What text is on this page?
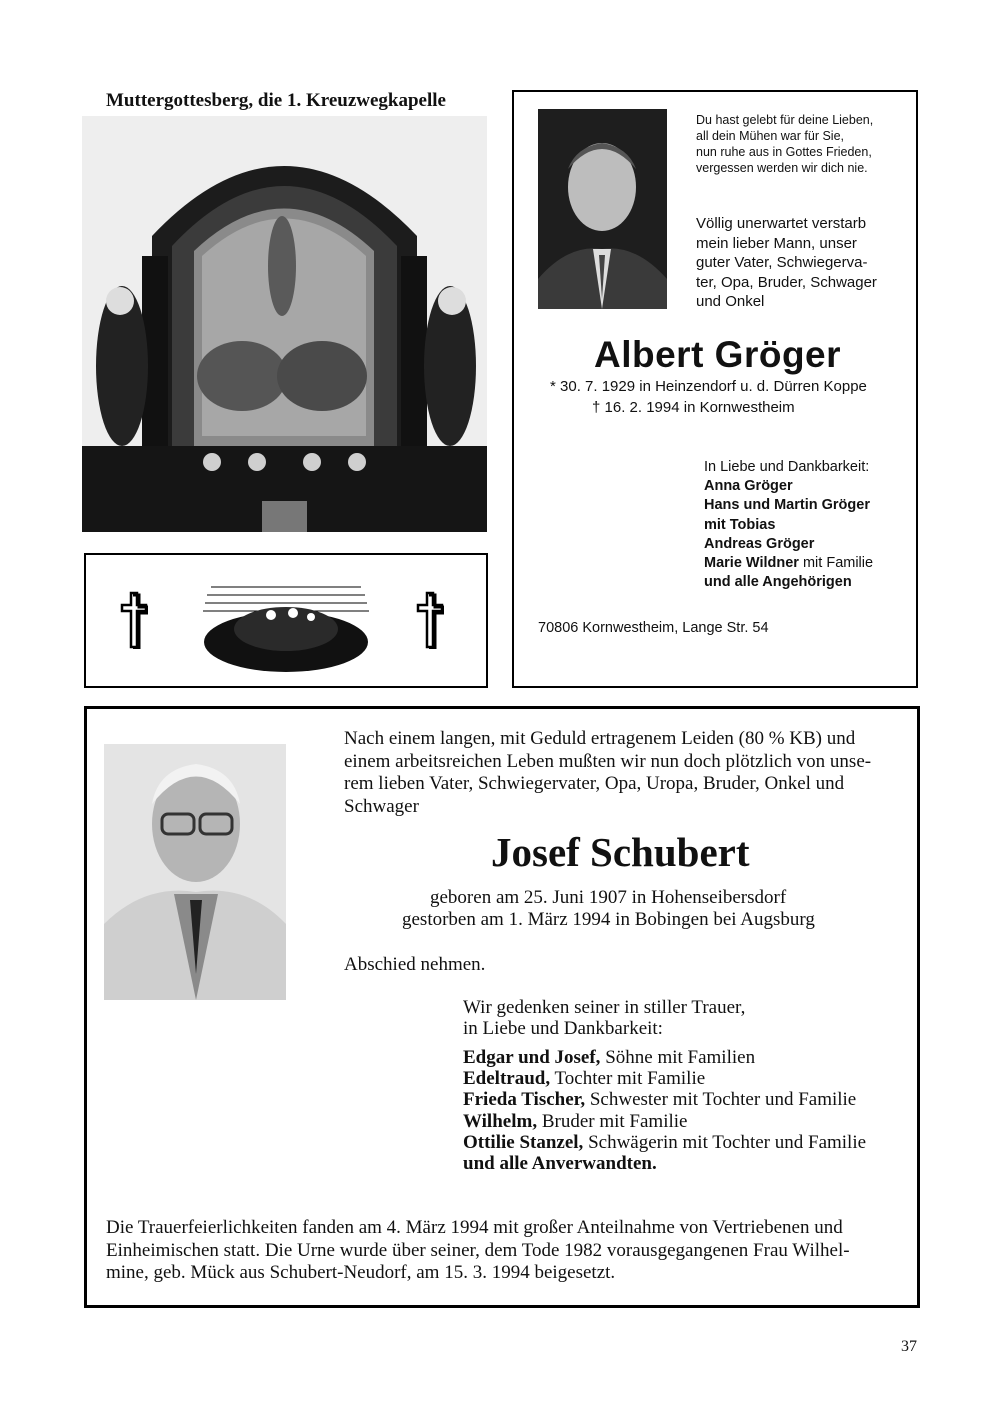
Muttergottesberg, die 1. Kreuzwegkapelle
Du hast gelebt für deine Lieben,
all dein Mühen war für Sie,
nun ruhe aus in Gottes Frieden,
vergessen werden wir dich nie.
Völlig unerwartet verstarb
mein lieber Mann, unser
guter Vater, Schwiegerva-
ter, Opa, Bruder, Schwager
und Onkel
Albert Gröger
* 30. 7. 1929 in Heinzendorf u. d. Dürren Koppe
† 16. 2. 1994 in Kornwestheim
In Liebe und Dankbarkeit:
Anna Gröger
Hans und Martin Gröger
mit Tobias
Andreas Gröger
Marie Wildner mit Familie
und alle Angehörigen
70806 Kornwestheim, Lange Str. 54
Nach einem langen, mit Geduld ertragenem Leiden (80 % KB) und
einem arbeitsreichen Leben mußten wir nun doch plötzlich von unse-
rem lieben Vater, Schwiegervater, Opa, Uropa, Bruder, Onkel und
Schwager
Josef Schubert
geboren am 25. Juni 1907 in Hohenseibersdorf
gestorben am 1. März 1994 in Bobingen bei Augsburg
Abschied nehmen.
Wir gedenken seiner in stiller Trauer,
in Liebe und Dankbarkeit:
Edgar und Josef, Söhne mit Familien
Edeltraud, Tochter mit Familie
Frieda Tischer, Schwester mit Tochter und Familie
Wilhelm, Bruder mit Familie
Ottilie Stanzel, Schwägerin mit Tochter und Familie
und alle Anverwandten.
Die Trauerfeierlichkeiten fanden am 4. März 1994 mit großer Anteilnahme von Vertriebenen und
Einheimischen statt. Die Urne wurde über seiner, dem Tode 1982 vorausgegangenen Frau Wilhel-
mine, geb. Mück aus Schubert-Neudorf, am 15. 3. 1994 beigesetzt.
37
